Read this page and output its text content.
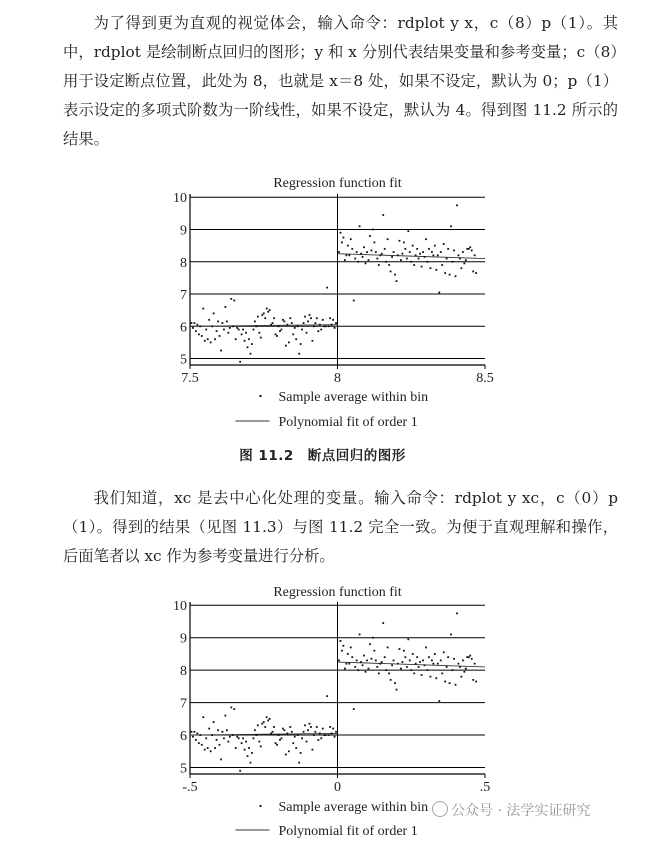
为了得到更为直观的视觉体会，输入命令：rdplot y x，c（8）p（1）。其中，rdplot 是绘制断点回归的图形；y 和 x 分别代表结果变量和参考变量；c（8）用于设定断点位置，此处为 8，也就是 x＝8 处，如果不设定，默认为 0；p（1）表示设定的多项式阶数为一阶线性，如果不设定，默认为 4。得到图 11.2 所示的结果。

Regression function fit
5
6
7
8
9
10
7.5	8	8.5
Sample average within bin
Polynomial fit of order 1
图 11.2　断点回归的图形

我们知道，xc 是去中心化处理的变量。输入命令：rdplot y xc，c（0）p（1）。得到的结果（见图 11.3）与图 11.2 完全一致。为便于直观理解和操作，后面笔者以 xc 作为参考变量进行分析。

Regression function fit
5
6
7
8
9
10
-.5	0	.5
Sample average within bin
Polynomial fit of order 1
公众号 · 法学实证研究
